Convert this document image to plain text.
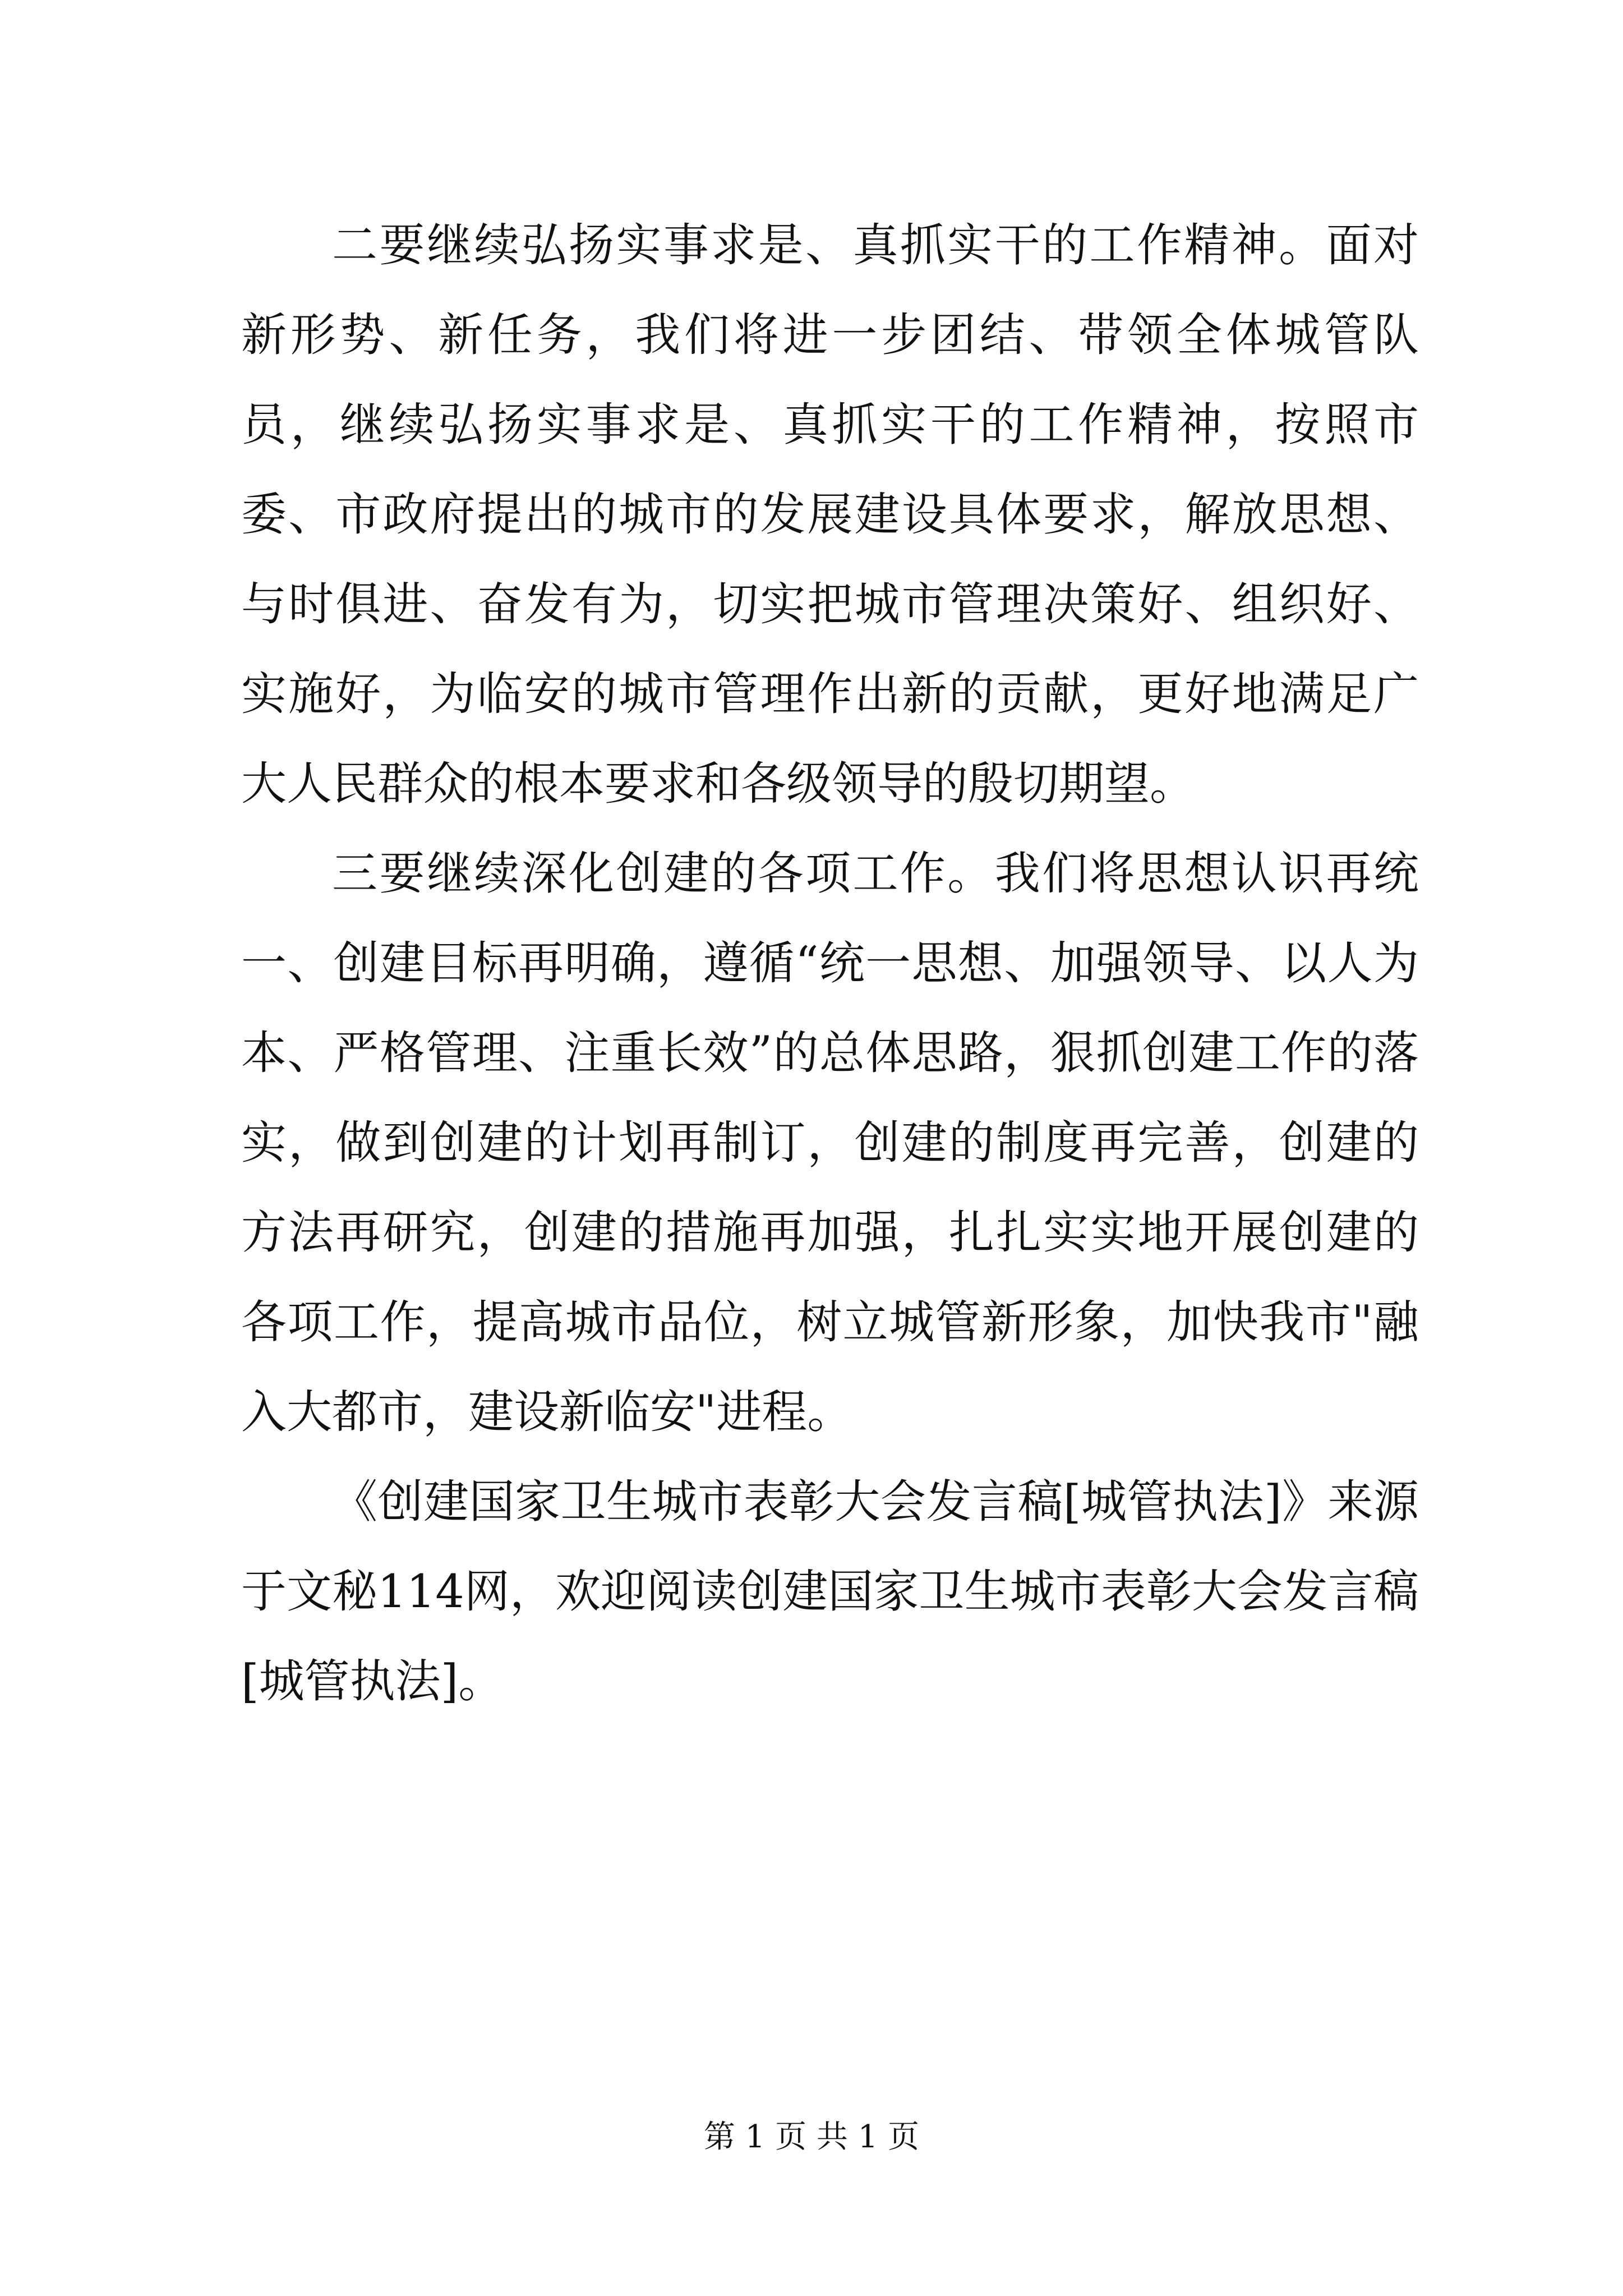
二要继续弘扬实事求是、真抓实干的工作精神。面对新形势、新任务，我们将进一步团结、带领全体城管队员，继续弘扬实事求是、真抓实干的工作精神，按照市委、市政府提出的城市的发展建设具体要求，解放思想、与时俱进、奋发有为，切实把城市管理决策好、组织好、实施好，为临安的城市管理作出新的贡献，更好地满足广大人民群众的根本要求和各级领导的殷切期望。

三要继续深化创建的各项工作。我们将思想认识再统一、创建目标再明确，遵循“统一思想、加强领导、以人为本、严格管理、注重长效”的总体思路，狠抓创建工作的落实，做到创建的计划再制订，创建的制度再完善，创建的方法再研究，创建的措施再加强，扎扎实实地开展创建的各项工作，提高城市品位，树立城管新形象，加快我市"融入大都市，建设新临安"进程。

《创建国家卫生城市表彰大会发言稿[城管执法]》来源于文秘114网，欢迎阅读创建国家卫生城市表彰大会发言稿[城管执法]。

第 1 页 共 1 页
